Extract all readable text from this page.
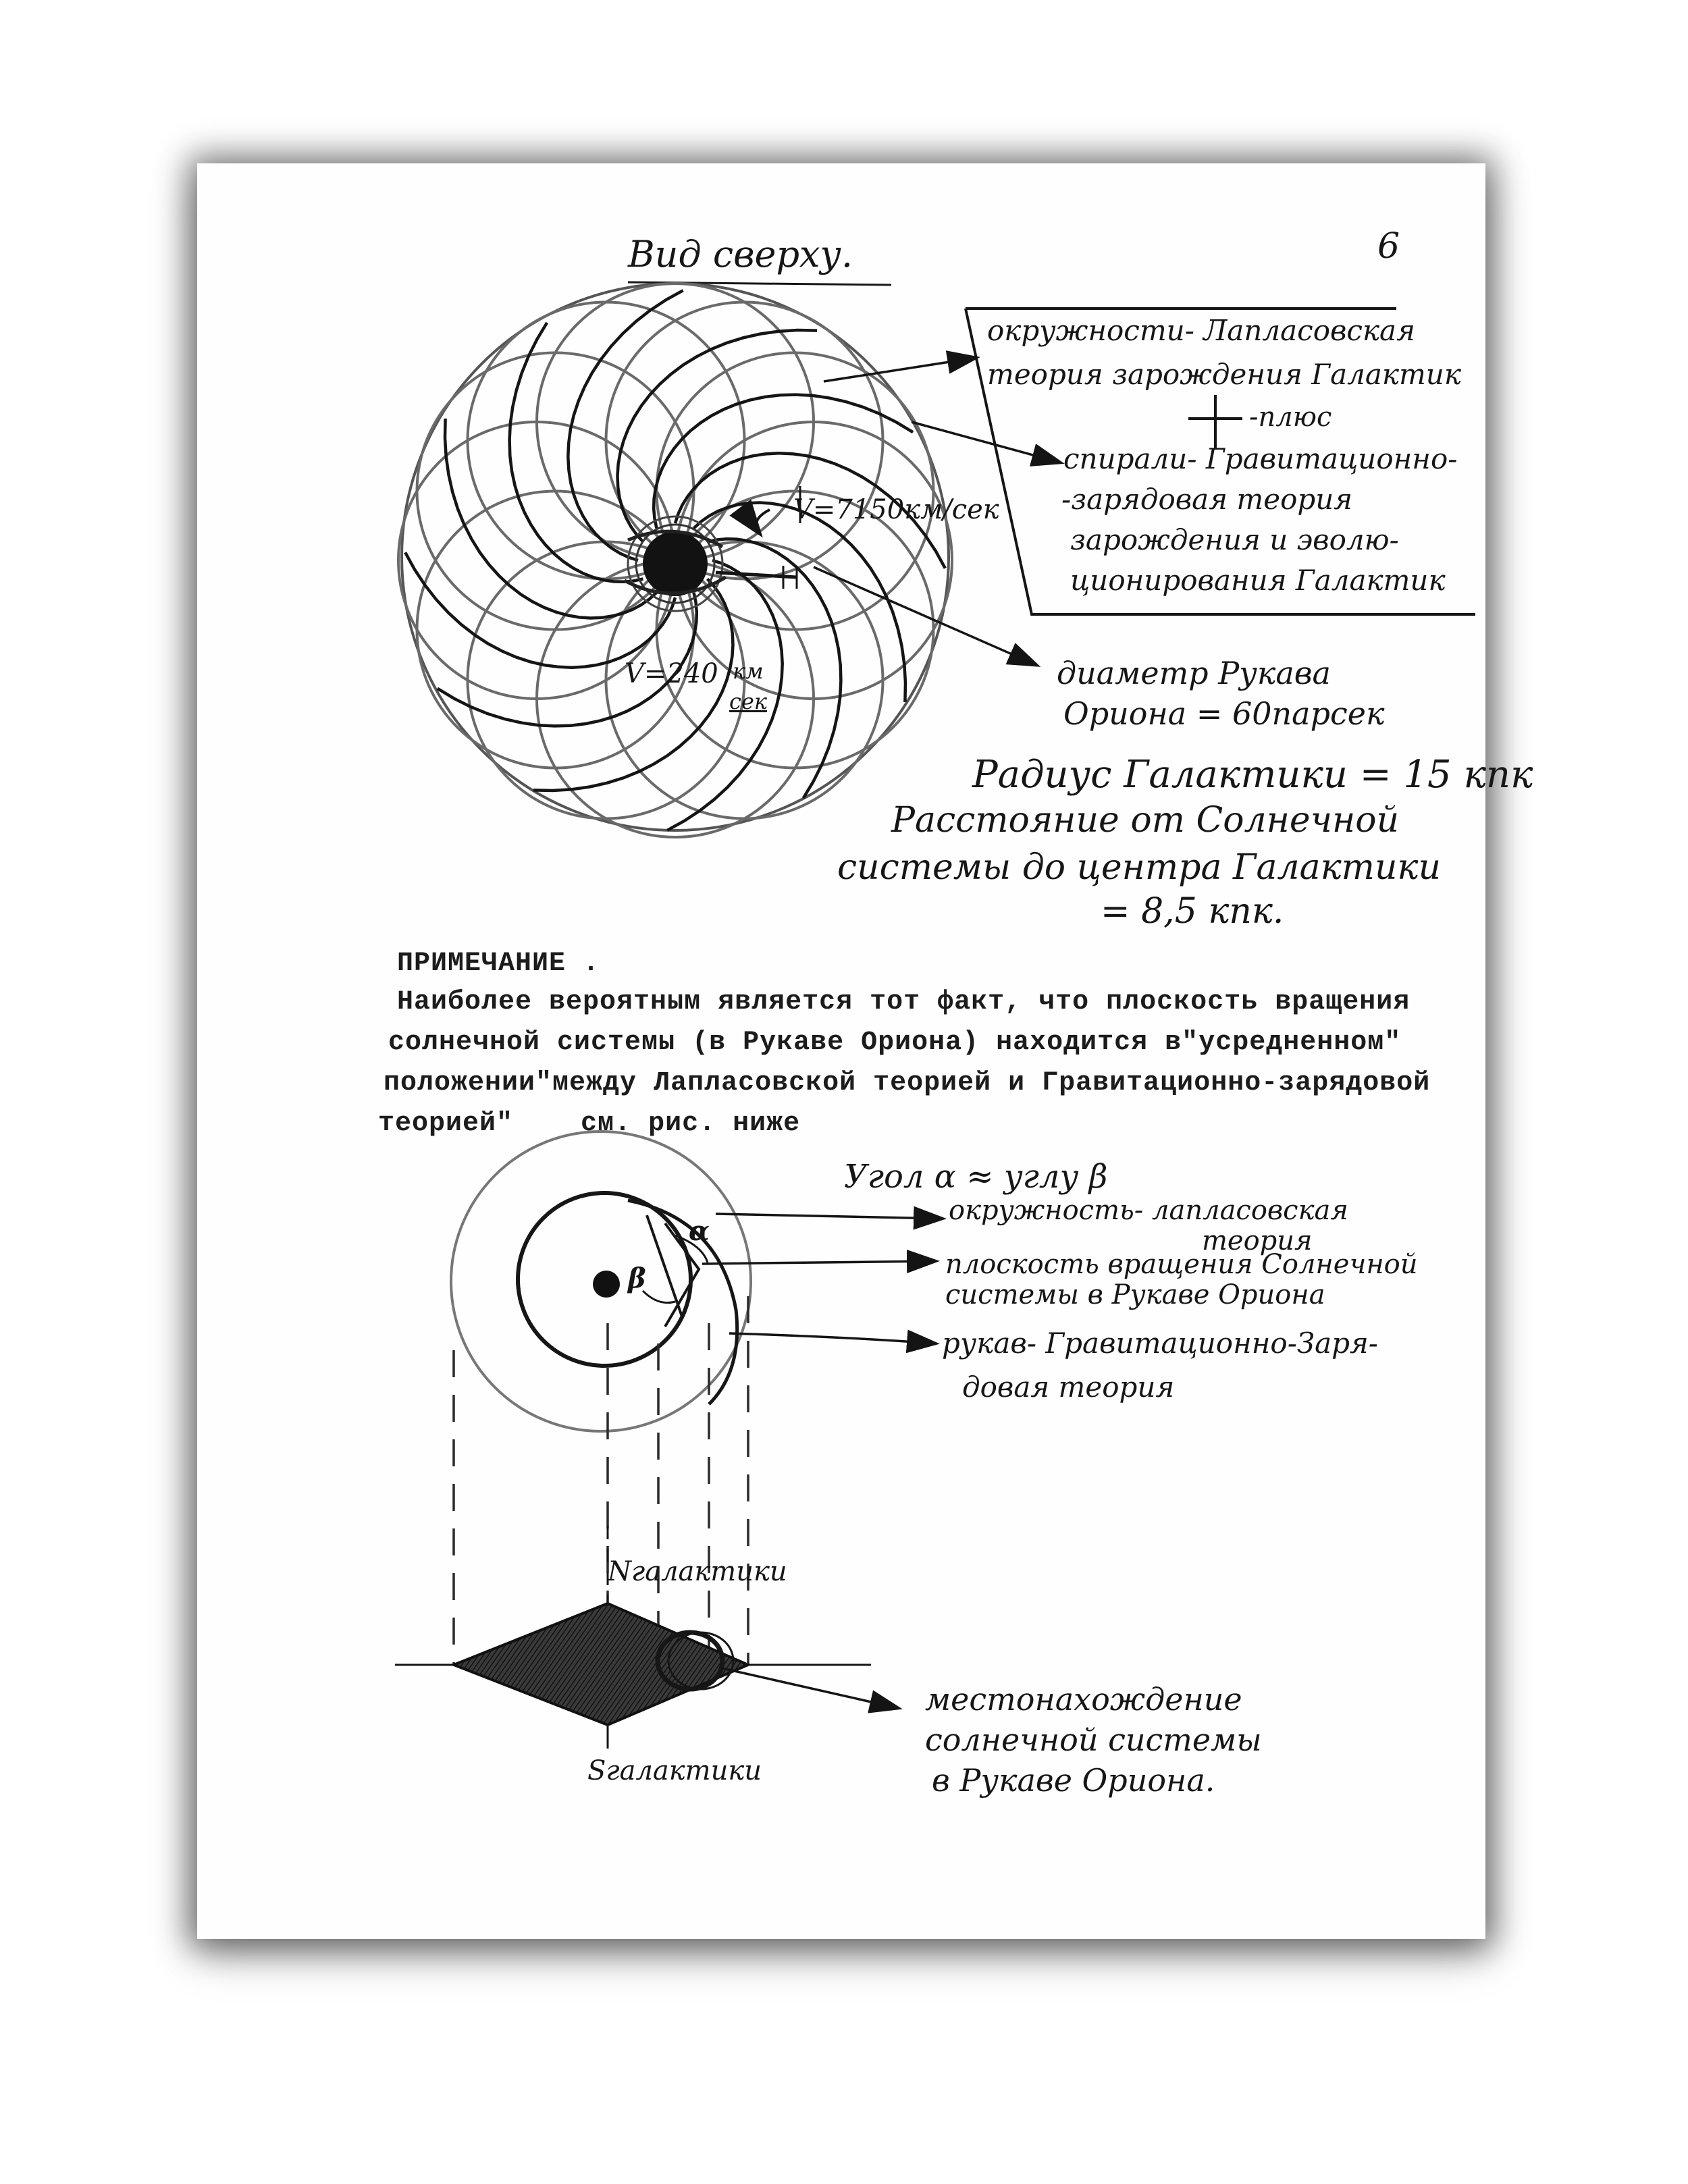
Вид сверху.	6
окружности- Лапласовская
теория зарождения Галактик
-плюс
спирали- Гравитационно-
-зарядовая теория
зарождения и эволю-
ционирования Галактик
V=7150км/сек
V=240 км
сек
диаметр Рукава
Ориона = 60парсек
Радиус Галактики = 15 кпк
Расстояние от Солнечной
системы до центра Галактики
= 8,5 кпк.
ПРИМЕЧАНИЕ .
Наиболее вероятным является тот факт, что плоскость вращения
солнечной системы (в Рукаве Ориона) находится в"усредненном"
положении"между Лапласовской теорией и Гравитационно-зарядовой
теорией"    см. рис. ниже
Угол α ≈ углу β
α
β
окружность- лапласовская
теория
плоскость вращения Солнечной
системы в Рукаве Ориона
рукав- Гравитационно-Заря-
довая теория
Nгалактики
Sгалактики
местонахождение
солнечной системы
в Рукаве Ориона.
